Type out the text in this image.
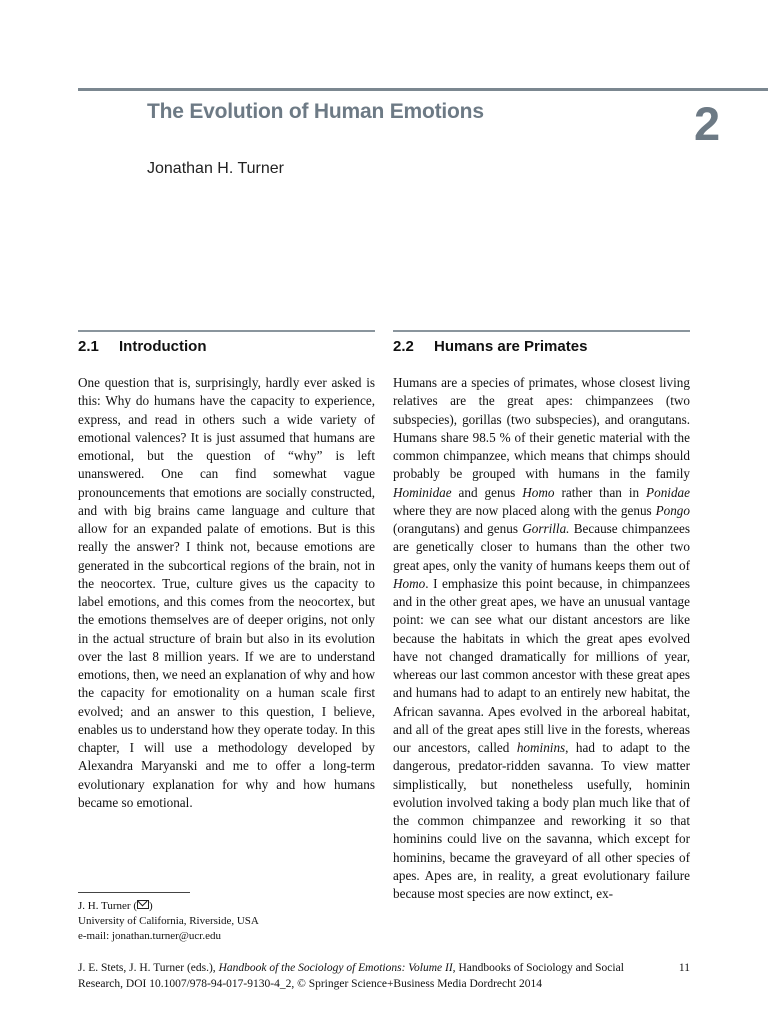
The Evolution of Human Emotions	2
Jonathan H. Turner
2.1 Introduction

One question that is, surprisingly, hardly ever asked is this: Why do humans have the capacity to experience, express, and read in others such a wide variety of emotional valences? It is just assumed that humans are emotional, but the question of “why” is left unanswered. One can find somewhat vague pronouncements that emotions are socially constructed, and with big brains came language and culture that allow for an expanded palate of emotions. But is this really the answer? I think not, because emotions are generated in the subcortical regions of the brain, not in the neocortex. True, culture gives us the capacity to label emotions, and this comes from the neocortex, but the emotions themselves are of deeper origins, not only in the actual structure of brain but also in its evolution over the last 8 million years. If we are to understand emotions, then, we need an explanation of why and how the capacity for emotionality on a human scale first evolved; and an answer to this question, I believe, enables us to understand how they operate today. In this chapter, I will use a methodology developed by Alexandra Maryanski and me to offer a long-term evolutionary explanation for why and how humans became so emotional.

2.2 Humans are Primates

Humans are a species of primates, whose closest living relatives are the great apes: chimpanzees (two subspecies), gorillas (two subspecies), and orangutans. Humans share 98.5 % of their genetic material with the common chimpanzee, which means that chimps should probably be grouped with humans in the family Hominidae and genus Homo rather than in Ponidae where they are now placed along with the genus Pongo (orangutans) and genus Gorrilla. Because chimpanzees are genetically closer to humans than the other two great apes, only the vanity of humans keeps them out of Homo. I emphasize this point because, in chimpanzees and in the other great apes, we have an unusual vantage point: we can see what our distant ancestors are like because the habitats in which the great apes evolved have not changed dramatically for millions of year, whereas our last common ancestor with these great apes and humans had to adapt to an entirely new habitat, the African savanna. Apes evolved in the arboreal habitat, and all of the great apes still live in the forests, whereas our ancestors, called hominins, had to adapt to the dangerous, predator-ridden savanna. To view matter simplistically, but nonetheless usefully, hominin evolution involved taking a body plan much like that of the common chimpanzee and reworking it so that hominins could live on the savanna, which except for hominins, became the graveyard of all other species of apes. Apes are, in reality, a great evolutionary failure because most species are now extinct, ex-

J. H. Turner ( )

University of California, Riverside, USA

e-mail: jonathan.turner@ucr.edu

J. E. Stets, J. H. Turner (eds.), Handbook of the Sociology of Emotions: Volume II, Handbooks of Sociology and Social Research, DOI 10.1007/978-94-017-9130-4_2, © Springer Science+Business Media Dordrecht 2014
11
